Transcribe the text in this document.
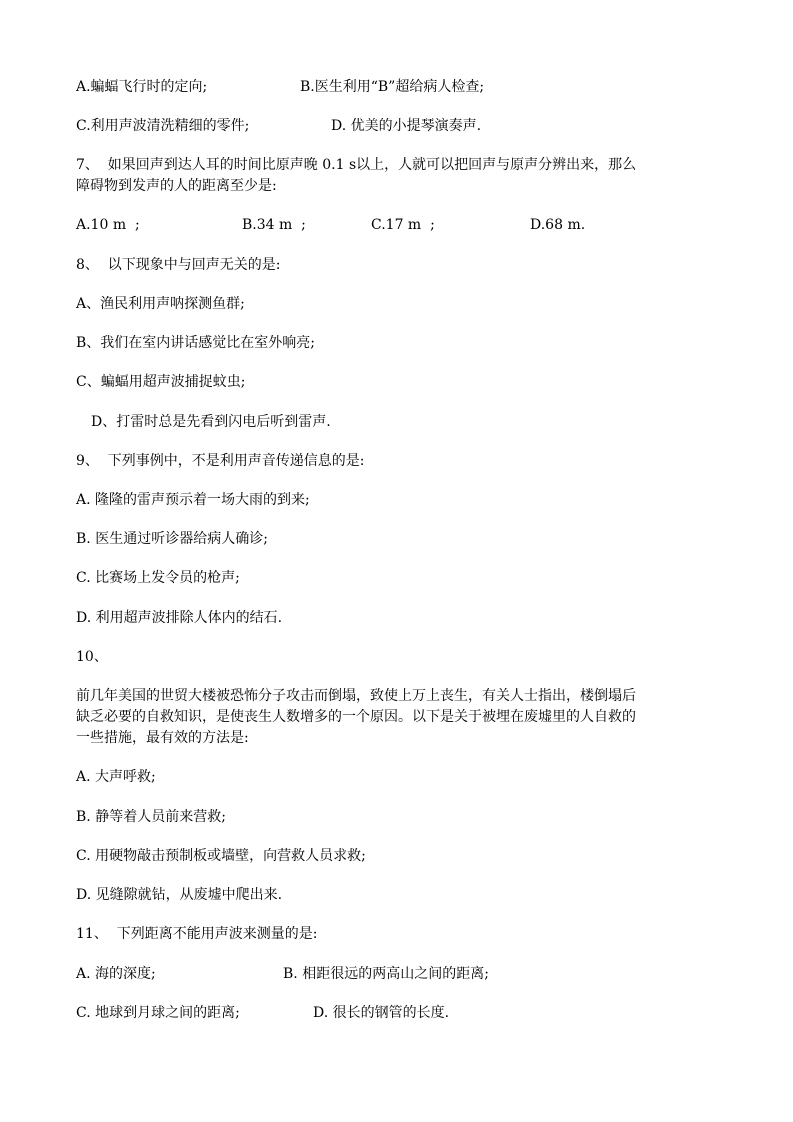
A.蝙蝠飞行时的定向;	B.医生利用“B”超给病人检查;
C.利用声波清洗精细的零件;	D. 优美的小提琴演奏声.
7、  如果回声到达人耳的时间比原声晚 0.1 s以上，人就可以把回声与原声分辨出来，那么
障碍物到发声的人的距离至少是:
A.10 m  ;	B.34 m  ;	C.17 m  ;	D.68 m.
8、  以下现象中与回声无关的是:
A、渔民利用声呐探测鱼群;
B、我们在室内讲话感觉比在室外响亮;
C、蝙蝠用超声波捕捉蚊虫;
D、打雷时总是先看到闪电后听到雷声.
9、  下列事例中，不是利用声音传递信息的是:
A. 隆隆的雷声预示着一场大雨的到来;
B. 医生通过听诊器给病人确诊;
C. 比赛场上发令员的枪声;
D. 利用超声波排除人体内的结石.
10、
前几年美国的世贸大楼被恐怖分子攻击而倒塌，致使上万上丧生，有关人士指出，楼倒塌后
缺乏必要的自救知识，是使丧生人数增多的一个原因。以下是关于被埋在废墟里的人自救的
一些措施，最有效的方法是:
A. 大声呼救;
B. 静等着人员前来营救;
C. 用硬物敲击预制板或墙壁，向营救人员求救;
D. 见缝隙就钻，从废墟中爬出来.
11、  下列距离不能用声波来测量的是:
A. 海的深度;	B. 相距很远的两高山之间的距离;
C. 地球到月球之间的距离;	D. 很长的钢管的长度.
